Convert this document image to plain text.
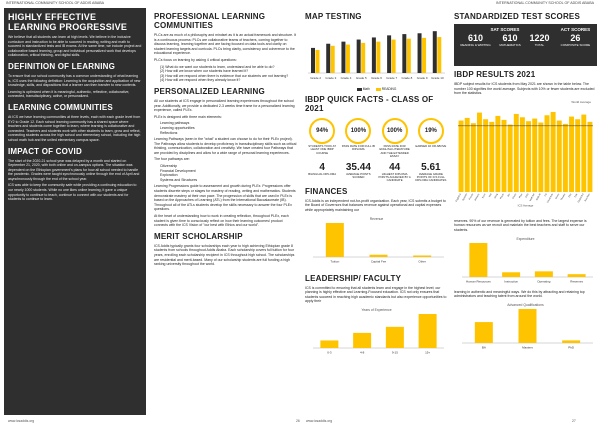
INTERNATIONAL COMMUNITY SCHOOL OF ADDIS ABABA	INTERNATIONAL COMMUNITY SCHOOL OF ADDIS ABABA
HIGHLY EFFECTIVE LEARNING PROGRESSIVE

We believe that all students can learn at high levels. We believe in the inclusive curriculum and instruction to be able to succeed in reading, writing and math to succeed in standardized tests and IB exams. At the same time, we include project and collaborative based learning, group and individual personalized work that develops collaboration, critical thinking, and digital skills.

DEFINITION OF LEARNING

To ensure that our school community has a common understanding of what learning is, ICS uses the following definition: Learning is the acquisition and application of new knowledge, skills, and dispositions that a learner can then transfer to new contexts.

Learning is optimized when it is meaningful, authentic, reflective, collaborative, connected, transdisciplinary, active, or personalized.

LEARNING COMMUNITIES

At ICS we have learning communities at three levels, each with each grade level from EY2 to Grade 12. Each school learning community has a shared space where teachers and students come together to learn, where learning is collaborative and connected. Teachers and students work with other students to learn, grow and reflect, connecting students across the high school and elementary school, including the high school math hub and the united elementary campus space.

IMPACT OF COVID

The start of the 2020-21 school year was delayed by a month and started on September 21, 2020, with both online and on-campus options. The situation was dependent on the Ethiopian government's plans for how all school needed to handle the pandemic. Grades were taught synchronously online through the end of April and asynchronously through the end of the school year.

ICS was able to keep the community safe while providing a continuing education to our nearly 1000 students. While no one likes online learning, it gave a unique opportunity to continue to teach, continue to connect with our students and for students to continue to learn.

PROFESSIONAL LEARNING COMMUNITIES

PLCs are as much of a philosophy and mindset as it is an actual framework and structure. It is a continuous process: PLCs are collaborative teams of teachers, coming together to discuss learning, learning together and are facing focused on data tools and clarity on student learning targets and curricula. PLCs bring clarity, consistency and coherence to the educational experience.

PLCs focus on learning by asking 4 critical questions:

(1) What do we want our students to learn, understand and be able to do?
(2) How will we know when our students have learned it?
(3) How will we respond when there is evidence that our students are not learning?
(4) How will we respond when they already know it?
PERSONALIZED LEARNING

All our students at ICS engage in personalized learning experiences throughout the school year. Additionally, we provide a dedicated 2-3 weeks time frame for a personalized learning experience, called PLEx.

PLEx is designed with three main elements:

Learning pathways
Learning opportunities
Reflections

Learning Pathways (seen in the "what" a student can choose to do for their PLEx project). The Pathways allow students to develop proficiency in transdisciplinary skills such as critical thinking, communication, collaboration and creativity. We have created four Pathways that are provided by disciplines and allow for a wide range of personal learning experiences.

The four pathways are:

Citizenship
Financial Development
Exploration
Systems and Structures

Learning Progressions guide to assessment and growth during PLEx. Progressions offer students discrete steps or stages for mastery of reading, writing and mathematics. Students demonstrate mastery at their own pace. The progression of skills that are used in PLEx is based on the Approaches of Learning (ATL) from the International Baccalaureate (IB). Throughout all of the ATLs students develop the skills necessary to answer the four PLEx questions.

At the heart of understanding how to work in creating reflection, throughout PLEx, each student is given time to consciously reflect on how their learning outcomes/ product connects with the ICS Vision of "our best with Ethics and our world".

MERIT SCHOLARSHIP

ICS Addis typically grants four scholarships each year to high achieving Ethiopian grade 8 students from schools throughout Addis Ababa. Each scholarship covers full tuition for four years, enrolling each scholarship recipient in ICS throughout high school. The scholarships are residential and merit-based. Many of our scholarship students are full funding a high ranking university throughout the world.

MAP TESTING
Grade 2 Grade 3 Grade 4 Grade 5 Grade 6 Grade 7 Grade 8 Grade 9 Grade 10
Math	READING
IBDP QUICK FACTS - CLASS OF 2021
94%
STUDENTS TOOK AT LEAST ONE IBDP COURSE
100%
PASS RATE FOR FULL IB DIPLOMA
100%
PASS RATE FOR ENGLISH LITERATURE AND THE EXTENDED ESSAY
19%
EARNED 40 OR ABOVE
4
BILINGUAL DIPLOMA
35.44
AVERAGE POINTS SCORED
44
HIGHEST DIPLOMA POINTS ACHIEVED BY A CANDIDATE
5.61
AVERAGE GRADE POINTS OF ICS FULL DIPLOMA CANDIDATES
FINANCES

ICS Addis is an independent not-for-profit organization. Each year, ICS submits a budget to the Board of Governors that balances revenue against operational and capital expenses while appropriately maintaining our

Revenue
Tuition	Capital Fee	Other
LEADERSHIP/ FACULTY

ICS is committed to ensuring that all students learn and engage in the highest level; our planning is highly effective and Learning-Focused education. ICS not only ensures that students succeed in reaching high academic standards but also experience opportunities to apply their

Years of Experience
0-3	4-8	9-15	15+
STANDARDIZED TEST SCORES
SAT SCORES
610
READING & WRITING
610
MATHEMATICS
1220
TOTAL
ACT SCORES
26
COMPOSITE SCORE
IBDP RESULTS 2021

IBDP subject results for ICS students from May 2021 are shown in the table below. The number 100 signifies the world average. Subjects with 10% or fewer students are excluded from the statistics.

World Average
English A Spanish French Amharic Econ	Hist Geog Psych Bio Chem Phys ESS Math AA Math AI CS Visual Arts Music Theatre Film TOK Global Pol Bus Man
ICS Average

reserves. 90% of our revenue is generated by tuition and fees. The largest expense is human resources as we recruit and maintain the best teachers and staff to serve our students.

Expenditure
Human Resources	Instruction	Operating	Reserves

learning in authentic and meaningful ways. We do this by attracting and retaining top administrators and teaching talent from around the world.

Advanced Qualifications
BA	Masters	PhD
www.icsaddis.org	26 www.icsaddis.org	27
